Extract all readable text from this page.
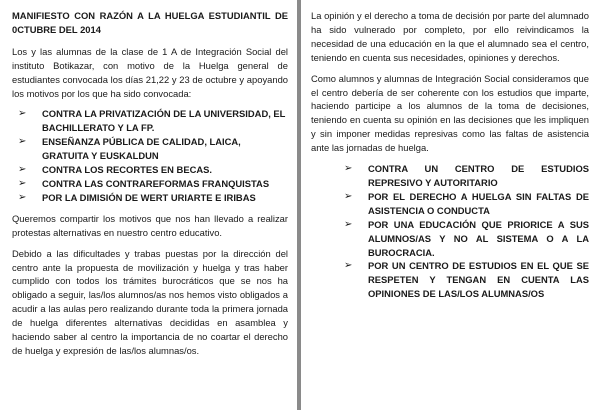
MANIFIESTO CON RAZÓN A LA HUELGA ESTUDIANTIL DE 0CTUBRE DEL 2014

Los y las alumnas de la clase de 1 A de Integración Social del instituto Botikazar, con motivo de la Huelga general de estudiantes convocada los días 21,22 y 23 de octubre y apoyando los motivos por los que ha sido convocada:

➢ CONTRA LA PRIVATIZACIÓN DE LA UNIVERSIDAD, EL BACHILLERATO Y LA FP.
➢ ENSEÑANZA PÚBLICA DE CALIDAD, LAICA, GRATUITA Y EUSKALDUN
➢ CONTRA LOS RECORTES EN BECAS.
➢ CONTRA LAS CONTRAREFORMAS FRANQUISTAS
➢ POR LA DIMISIÓN DE WERT URIARTE E IRIBAS

Queremos compartir los motivos que nos han llevado a realizar protestas alternativas en nuestro centro educativo.

Debido a las dificultades y trabas puestas por la dirección del centro ante la propuesta de movilización y huelga y tras haber cumplido con todos los trámites burocráticos que se nos ha obligado a seguir, las/los alumnos/as nos hemos visto obligados a acudir a las aulas pero realizando durante toda la primera jornada de huelga diferentes alternativas decididas en asamblea y haciendo saber al centro la importancia de no coartar el derecho de huelga y expresión de las/los alumnas/os.

La opinión y el derecho a toma de decisión por parte del alumnado ha sido vulnerado por completo, por ello reivindicamos la necesidad de una educación en la que el alumnado sea el centro, teniendo en cuenta sus necesidades, opiniones y derechos.

Como alumnos y alumnas de Integración Social consideramos que el centro debería de ser coherente con los estudios que imparte, haciendo participe a los alumnos de la toma de decisiones, teniendo en cuenta su opinión en las decisiones que les impliquen y sin imponer medidas represivas como las faltas de asistencia ante las jornadas de huelga.

➢ CONTRA UN CENTRO DE ESTUDIOS REPRESIVO Y AUTORITARIO
➢ POR EL DERECHO A HUELGA SIN FALTAS DE ASISTENCIA O CONDUCTA
➢ POR UNA EDUCACIÓN QUE PRIORICE A SUS ALUMNOS/AS Y NO AL SISTEMA O A LA BUROCRACIA.
➢ POR UN CENTRO DE ESTUDIOS EN EL QUE SE RESPETEN Y TENGAN EN CUENTA LAS OPINIONES DE LAS/LOS ALUMNAS/OS
